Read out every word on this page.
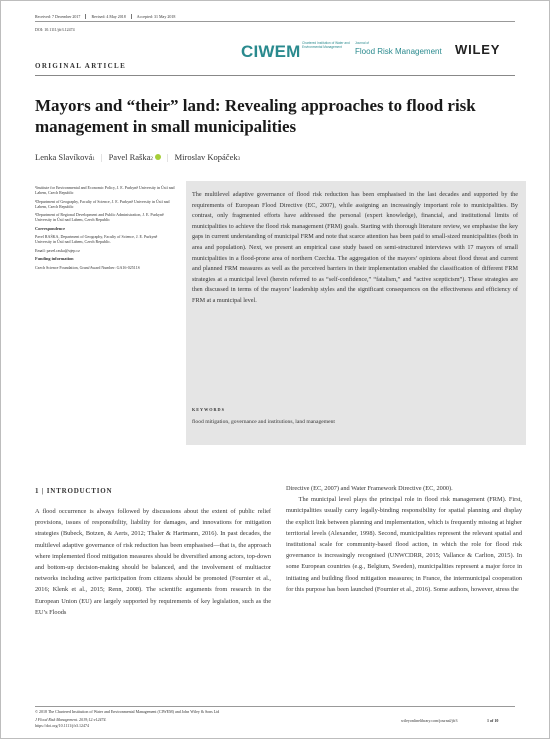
Received: 7 December 2017	Revised: 4 May 2018	Accepted: 31 May 2018
DOI: 10.1111/jfr3.12474
CIWEM Chartered Institution of Water and Environmental Management
Journal of
Flood Risk Management WILEY
ORIGINAL ARTICLE
Mayors and “their” land: Revealing approaches to flood risk management in small municipalities
Lenka Slavíková$_1$ | Pavel Raška$_2$ | Miroslav Kopáček$_3$

¹Institute for Environmental and Economic Policy, J. E. Purkyně University in Ústí nad Labem, Czech Republic

²Department of Geography, Faculty of Science, J. E. Purkyně University in Ústí nad Labem, Czech Republic

³Department of Regional Development and Public Administration, J. E. Purkyně University in Ústí nad Labem, Czech Republic

Correspondence

Pavel RAŠKA, Department of Geography, Faculty of Science, J. E. Purkyně University in Ústí nad Labem, Czech Republic.

Email: pavel.raska@ujep.cz

Funding information

Czech Science Foundation, Grant/Award Number: GA16-02511S

The multilevel adaptive governance of flood risk reduction has been emphasised in the last decades and supported by the requirements of European Flood Directive (EC, 2007), while assigning an increasingly important role to municipalities. By contrast, only fragmented efforts have addressed the personal (expert knowledge), financial, and institutional limits of municipalities to achieve the flood risk management (FRM) goals. Starting with thorough literature review, we emphasise the key gaps in current understanding of municipal FRM and note that scarce attention has been paid to small-sized municipalities (both in area and population). Next, we present an empirical case study based on semi-structured interviews with 17 mayors of small municipalities in a flood-prone area of northern Czechia. The aggregation of the mayors’ opinions about flood threat and current and planned FRM measures as well as the perceived barriers in their implementation enabled the classification of different FRM strategies at a municipal level (herein referred to as “self-confidence,” “fatalism,” and “active scepticism”). These strategies are then discussed in terms of the mayors’ leadership styles and the significant consequences on the effectiveness and efficiency of FRM at a municipal level.

KEYWORDS
flood mitigation, governance and institutions, land management
1 | INTRODUCTION

A flood occurrence is always followed by discussions about the extent of public relief provisions, issues of responsibility, liability for damages, and innovations for mitigation strategies (Bubeck, Botzen, & Aerts, 2012; Thaler & Hartmann, 2016). In past decades, the multilevel adaptive governance of risk reduction has been emphasised—that is, the approach where implemented flood mitigation measures should be diversified among actors, top-down and bottom-up decision-making should be balanced, and the involvement of multiactor networks including active participation from citizens should be promoted (Fournier et al., 2016; Klenk et al., 2015; Renn, 2008). The scientific arguments from research in the European Union (EU) are largely supported by requirements of key legislation, such as the EU’s Floods

Directive (EC, 2007) and Water Framework Directive (EC, 2000).
  The municipal level plays the principal role in flood risk management (FRM). First, municipalities usually carry legally-binding responsibility for spatial planning and display the explicit link between planning and implementation, which is frequently missing at higher territorial levels (Alexander, 1998). Second, municipalities represent the relevant spatial and institutional scale for community-based flood action, in which the role for flood risk governance is increasingly recognised (UNWCDRR, 2015; Vallance & Carlton, 2015). In some European countries (e.g., Belgium, Sweden), municipalities represent a major force in initiating and building flood mitigation measures; in France, the intermunicipal cooperation for this purpose has been launched (Fournier et al., 2016). Some authors, however, stress the

© 2018 The Chartered Institution of Water and Environmental Management (CIWEM) and John Wiley & Sons Ltd
J Flood Risk Management. 2019;12:e12474.
https://doi.org/10.1111/jfr3.12474
wileyonlinelibrary.com/journal/jfr3	1 of 10
